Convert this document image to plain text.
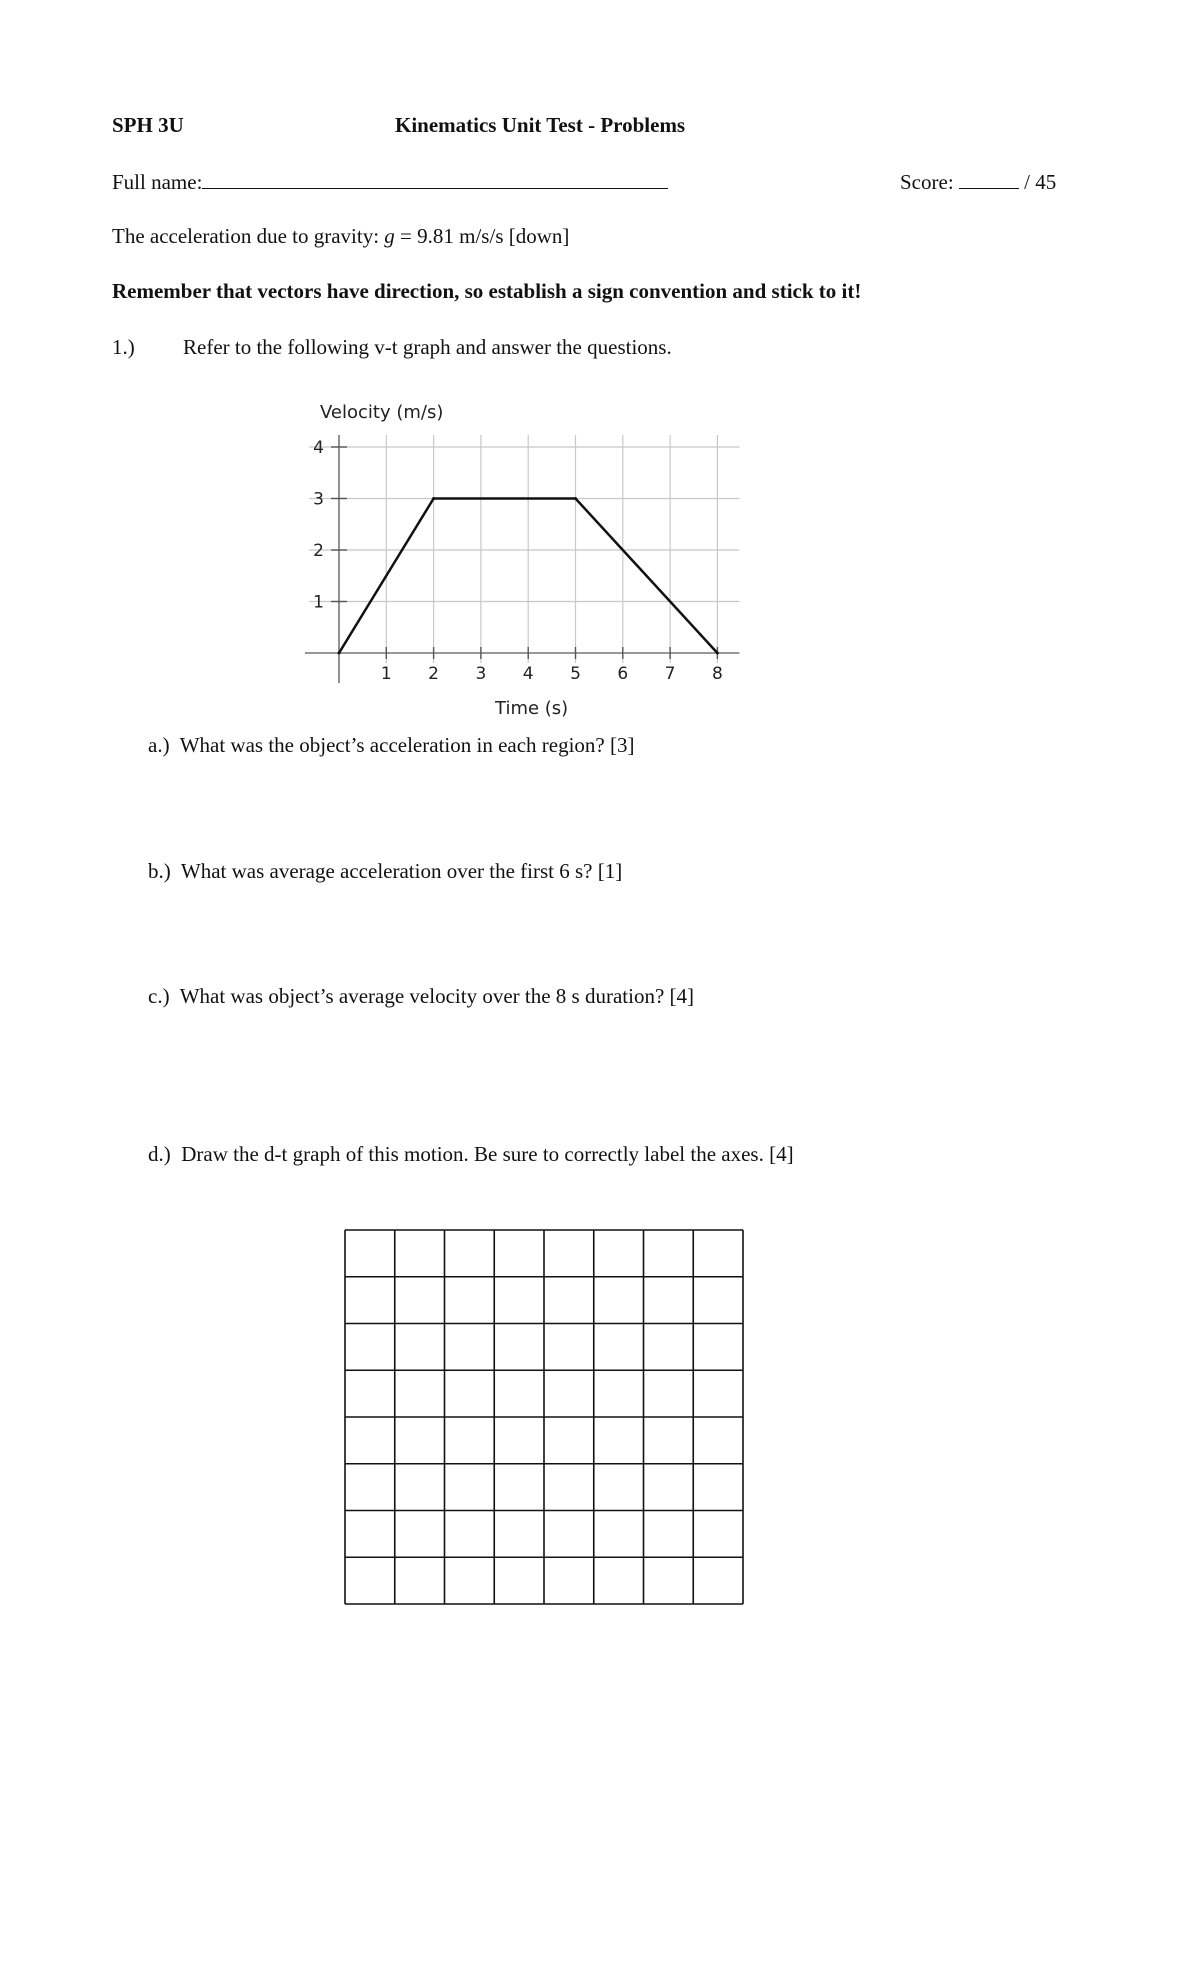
SPH 3U	Kinematics Unit Test - Problems
Full name:	Score:	/ 45
The acceleration due to gravity: g = 9.81 m/s/s [down]
Remember that vectors have direction, so establish a sign convention and stick to it!
1.) Refer to the following v-t graph and answer the questions.
1 2 3 4 5 6 7 8
1
2
3
4
Velocity (m/s)
Time (s)
a.) What was the object’s acceleration in each region? [3]
b.) What was average acceleration over the first 6 s? [1]
c.) What was object’s average velocity over the 8 s duration? [4]
d.) Draw the d-t graph of this motion. Be sure to correctly label the axes. [4]
